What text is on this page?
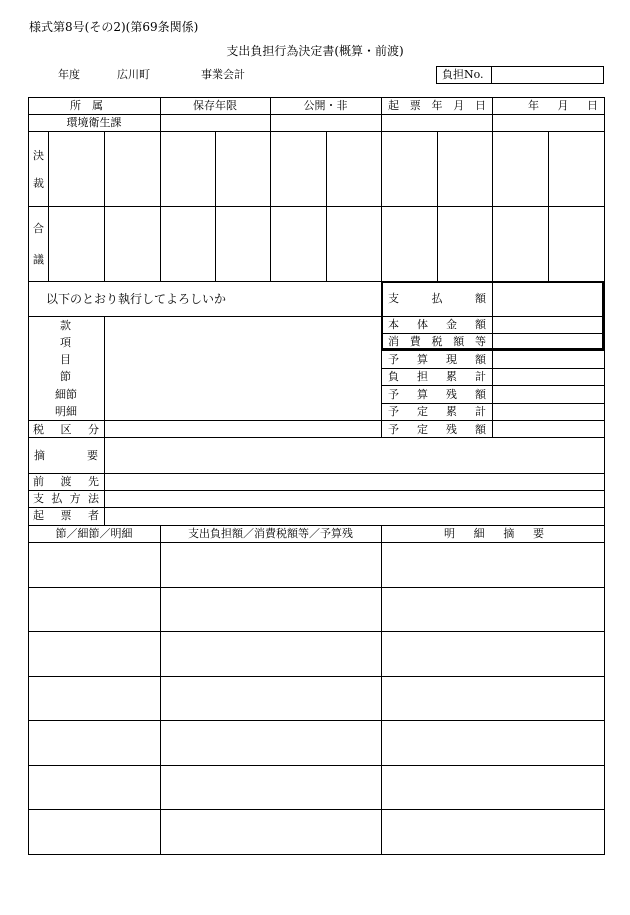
様式第8号(その2)(第69条関係)
支出負担行為決定書(概算・前渡)
年度	広川町	事業会計	負担No.
所　属	保存年限	公開・非	起 票 年 月 日	年 月 日
環境衛生課
決
裁
合
議
以下のとおり執行してよろしいか
款
項
目
節
細節
明細
税 区 分
支	払	額
本 体 金 額
消 費 税 額 等
予 算 現 額
負 担 累 計
予 算 残 額
予 定 累 計
予 定 残 額
摘	要
前 渡 先
支 払 方 法
起 票 者
節／細節／明細	支出負担額／消費税額等／予算残	明 細 摘 要
